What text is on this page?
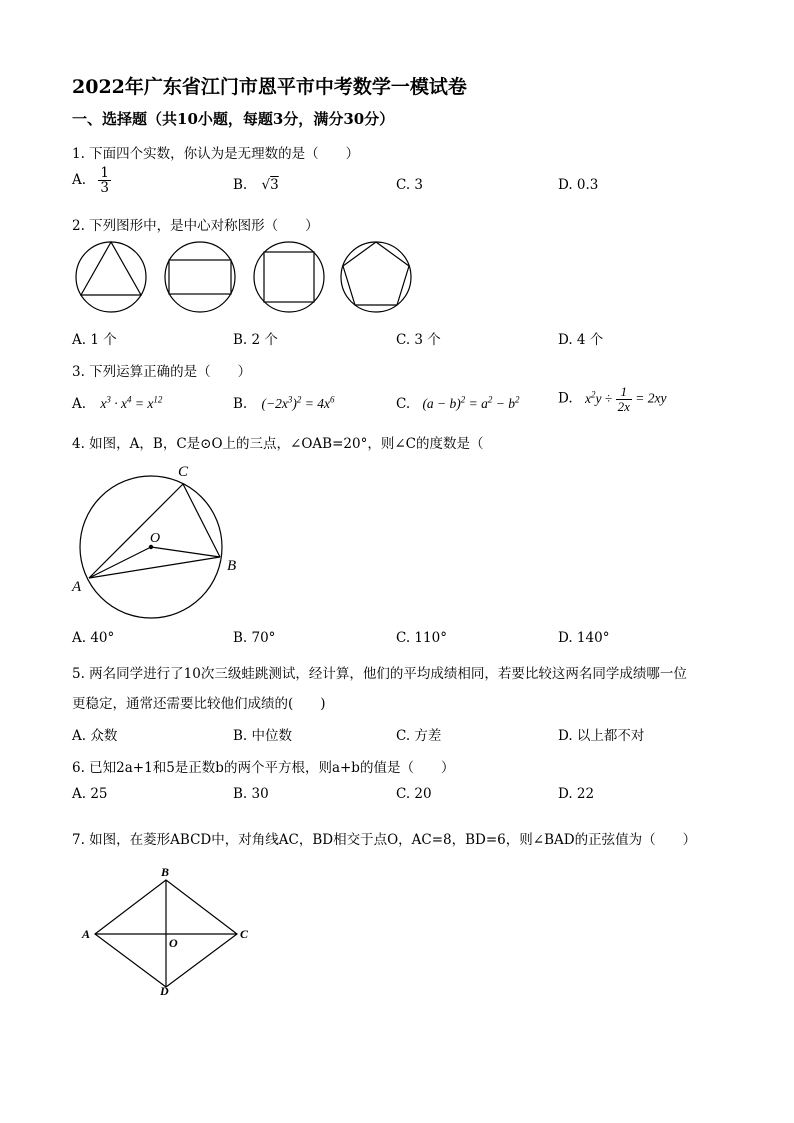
2022年广东省江门市恩平市中考数学一模试卷
一、选择题（共10小题，每题3分，满分30分）
1. 下面四个实数，你认为是无理数的是（　　）
A. $\frac{1}{3}$	B. √3	C. 3	D. 0.3
2. 下列图形中，是中心对称图形（　　）
A. 1 个	B. 2 个	C. 3 个	D. 4 个
3. 下列运算正确的是（　　）
A. $x^3 \cdot x^4 = x^{12}$	B. $(-2x^3)^2 = 4x^6$	C. $(a - b)^2 = a^2 - b^2$	D. $x^2y \div \frac{1}{2x} = 2xy$
4. 如图，A，B，C是⊙O上的三点，∠OAB=20°，则∠C的度数是（
C
O
B
A
A. 40°	B. 70°	C. 110°	D. 140°
5. 两名同学进行了10次三级蛙跳测试，经计算，他们的平均成绩相同，若要比较这两名同学成绩哪一位
更稳定，通常还需要比较他们成绩的(　　)
A. 众数	B. 中位数	C. 方差	D. 以上都不对
6. 已知2a+1和5是正数b的两个平方根，则a+b的值是（　　）
A. 25	B. 30	C. 20	D. 22
7. 如图，在菱形ABCD中，对角线AC，BD相交于点O，AC=8，BD=6，则∠BAD的正弦值为（　　）
B
A	C
O
D
